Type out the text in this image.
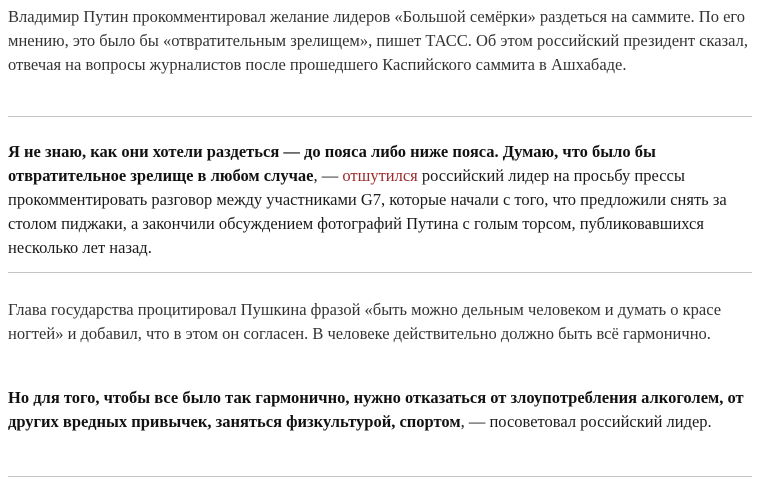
Владимир Путин прокомментировал желание лидеров «Большой семёрки» раздеться на саммите. По его мнению, это было бы «отвратительным зрелищем», пишет ТАСС. Об этом российский президент сказал, отвечая на вопросы журналистов после прошедшего Каспийского саммита в Ашхабаде.

Я не знаю, как они хотели раздеться — до пояса либо ниже пояса. Думаю, что было бы отвратительное зрелище в любом случае, — отшутился российский лидер на просьбу прессы прокомментировать разговор между участниками G7, которые начали с того, что предложили снять за столом пиджаки, а закончили обсуждением фотографий Путина с голым торсом, публиковавшихся несколько лет назад.

Глава государства процитировал Пушкина фразой «быть можно дельным человеком и думать о красе ногтей» и добавил, что в этом он согласен. В человеке действительно должно быть всё гармонично.

Но для того, чтобы все было так гармонично, нужно отказаться от злоупотребления алкоголем, от других вредных привычек, заняться физкультурой, спортом, — посоветовал российский лидер.
